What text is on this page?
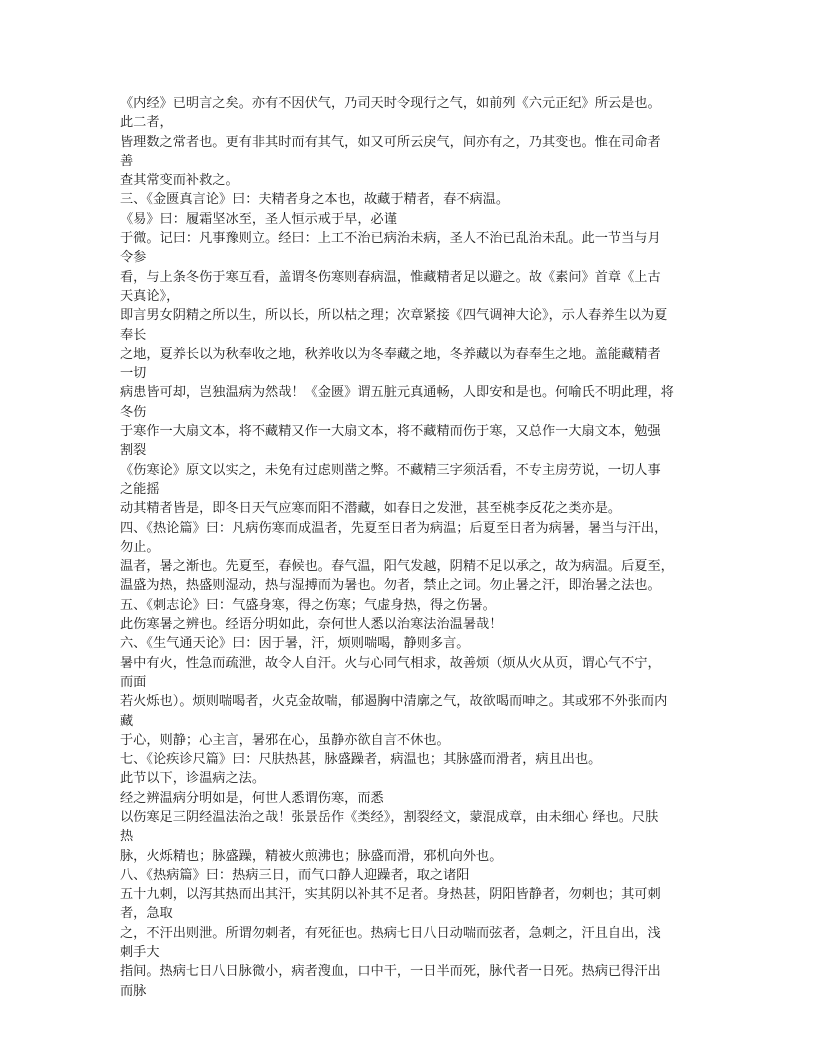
《内经》已明言之矣。亦有不因伏气，乃司天时令现行之气，如前列《六元正纪》所云是也。
此二者，
皆理数之常者也。更有非其时而有其气，如又可所云戾气，间亦有之，乃其变也。惟在司命者
善
查其常变而补救之。
三、《金匮真言论》曰：夫精者身之本也，故藏于精者，春不病温。
《易》曰：履霜坚冰至，圣人恒示戒于早，必谨
于微。记曰：凡事豫则立。经曰：上工不治已病治未病，圣人不治已乱治未乱。此一节当与月
令参
看，与上条冬伤于寒互看，盖谓冬伤寒则春病温，惟藏精者足以避之。故《素问》首章《上古
天真论》，
即言男女阴精之所以生，所以长，所以枯之理；次章紧接《四气调神大论》，示人春养生以为夏
奉长
之地，夏养长以为秋奉收之地，秋养收以为冬奉藏之地，冬养藏以为春奉生之地。盖能藏精者
一切
病患皆可却，岂独温病为然哉！《金匮》谓五脏元真通畅，人即安和是也。何喻氏不明此理，将
冬伤
于寒作一大扇文本，将不藏精又作一大扇文本，将不藏精而伤于寒，又总作一大扇文本，勉强
割裂
《伤寒论》原文以实之，未免有过虑则凿之弊。不藏精三字须活看，不专主房劳说，一切人事
之能摇
动其精者皆是，即冬日天气应寒而阳不潜藏，如春日之发泄，甚至桃李反花之类亦是。
四、《热论篇》曰：凡病伤寒而成温者，先夏至日者为病温；后夏至日者为病暑，暑当与汗出，
勿止。
温者，暑之渐也。先夏至，春候也。春气温，阳气发越，阴精不足以承之，故为病温。后夏至，
温盛为热，热盛则湿动，热与湿搏而为暑也。勿者，禁止之词。勿止暑之汗，即治暑之法也。
五、《刺志论》曰：气盛身寒，得之伤寒；气虚身热，得之伤暑。
此伤寒暑之辨也。经语分明如此，奈何世人悉以治寒法治温暑哉！
六、《生气通天论》曰：因于暑，汗，烦则喘喝，静则多言。
暑中有火，性急而疏泄，故令人自汗。火与心同气相求，故善烦（烦从火从页，谓心气不宁，
而面
若火烁也）。烦则喘喝者，火克金故喘，郁遏胸中清廓之气，故欲喝而呻之。其或邪不外张而内
藏
于心，则静；心主言，暑邪在心，虽静亦欲自言不休也。
七、《论疾诊尺篇》曰：尺肤热甚，脉盛躁者，病温也；其脉盛而滑者，病且出也。
此节以下，诊温病之法。
经之辨温病分明如是，何世人悉谓伤寒，而悉
以伤寒足三阴经温法治之哉！张景岳作《类经》，割裂经文，蒙混成章，由未细心 绎也。尺肤
热
脉，火烁精也；脉盛躁，精被火煎沸也；脉盛而滑，邪机向外也。
八、《热病篇》曰：热病三日，而气口静人迎躁者，取之诸阳
五十九刺，以泻其热而出其汗，实其阴以补其不足者。身热甚，阴阳皆静者，勿刺也；其可刺
者，急取
之，不汗出则泄。所谓勿刺者，有死征也。热病七日八日动喘而弦者，急刺之，汗且自出，浅
刺手大
指间。热病七日八日脉微小，病者溲血，口中干，一日半而死，脉代者一日死。热病已得汗出
而脉
